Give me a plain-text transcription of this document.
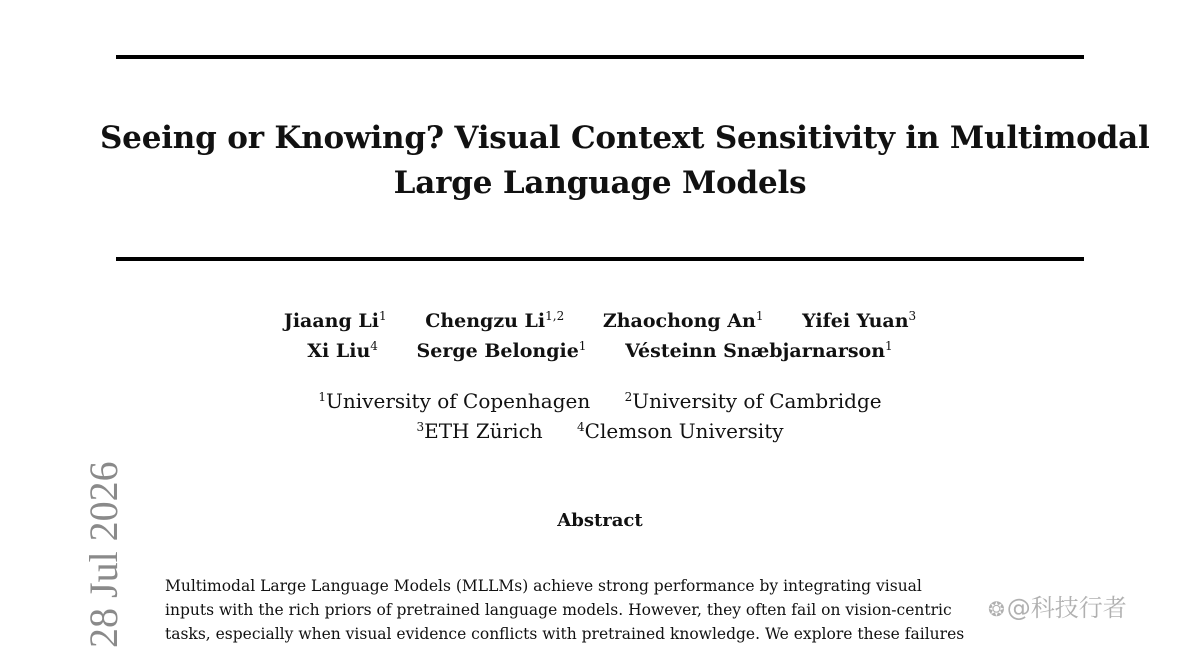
Seeing or Knowing? Visual Context Sensitivity in Multimodal
Large Language Models
Jiaang Li$^1$ Chengzu Li$^{1,2}$ Zhaochong An$^1$ Yifei Yuan$^3$
Xi Liu$^4$ Serge Belongie$^1$ Vésteinn Snæbjarnarson$^1$
$^1$University of Copenhagen	$^2$University of Cambridge
$^3$ETH Zürich	$^4$Clemson University
Abstract
Multimodal Large Language Models (MLLMs) achieve strong performance by integrating visual
inputs with the rich priors of pretrained language models. However, they often fail on vision-centric
tasks, especially when visual evidence conflicts with pretrained knowledge. We explore these failures
28 Jul 2026	❂@科技行者
